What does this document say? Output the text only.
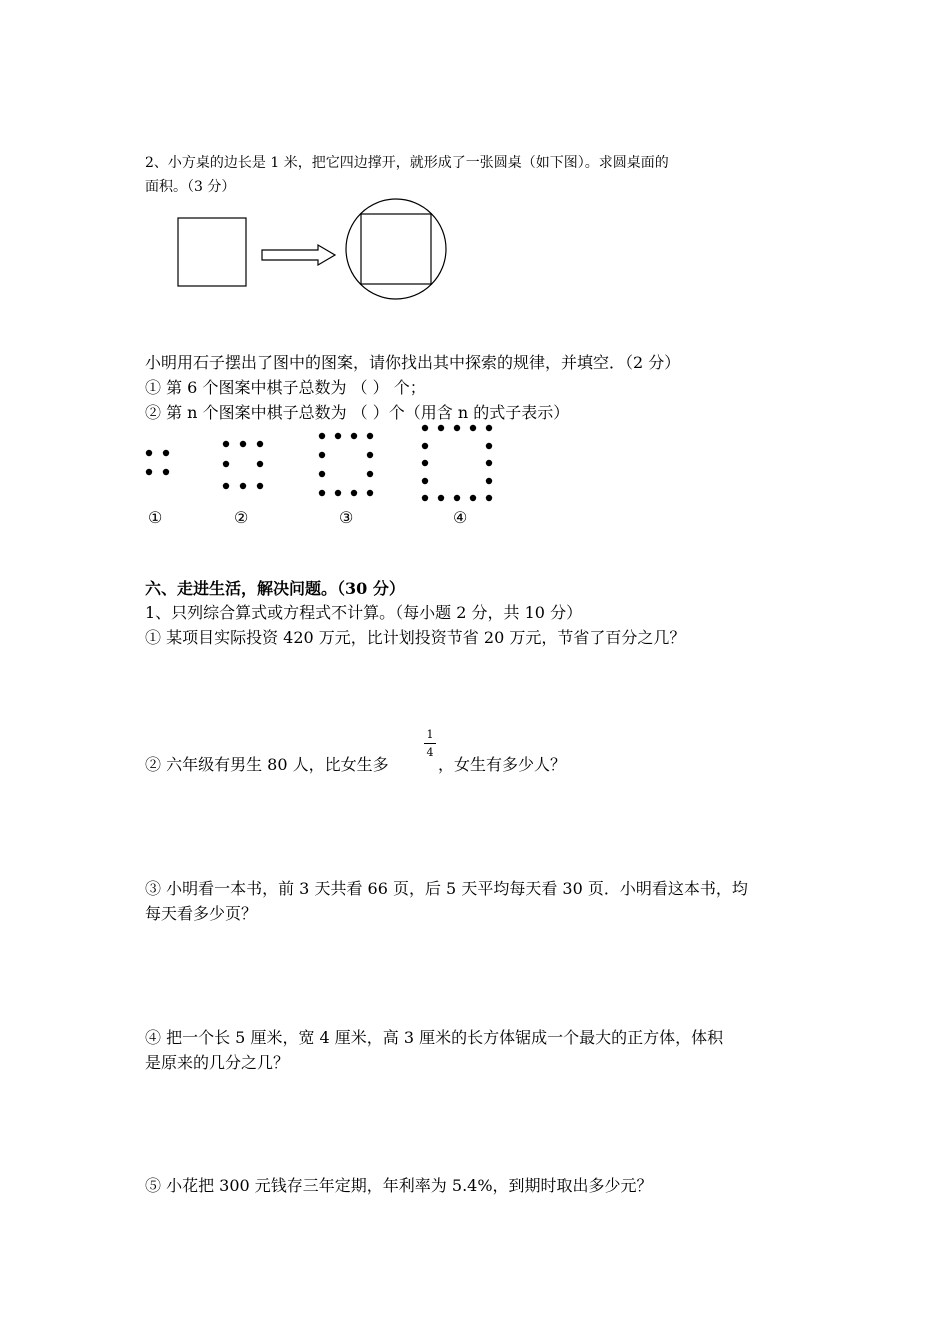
2、小方桌的边长是 1 米，把它四边撑开，就形成了一张圆桌（如下图）。求圆桌面的
面积。（3 分）
小明用石子摆出了图中的图案，请你找出其中探索的规律，并填空．（2 分）
① 第 6 个图案中棋子总数为 （ ） 个；
② 第 n 个图案中棋子总数为 （ ）个（用含 n 的式子表示）
①	②	③	④
六、走进生活，解决问题。（30 分）
1、只列综合算式或方程式不计算。（每小题 2 分，共 10 分）
① 某项目实际投资 420 万元，比计划投资节省 20 万元，节省了百分之几？
② 六年级有男生 80 人，比女生多
1
4
，女生有多少人？
③ 小明看一本书，前 3 天共看 66 页，后 5 天平均每天看 30 页．小明看这本书，均
每天看多少页？
④ 把一个长 5 厘米，宽 4 厘米，高 3 厘米的长方体锯成一个最大的正方体，体积
是原来的几分之几？
⑤ 小花把 300 元钱存三年定期，年利率为 5.4%，到期时取出多少元？
